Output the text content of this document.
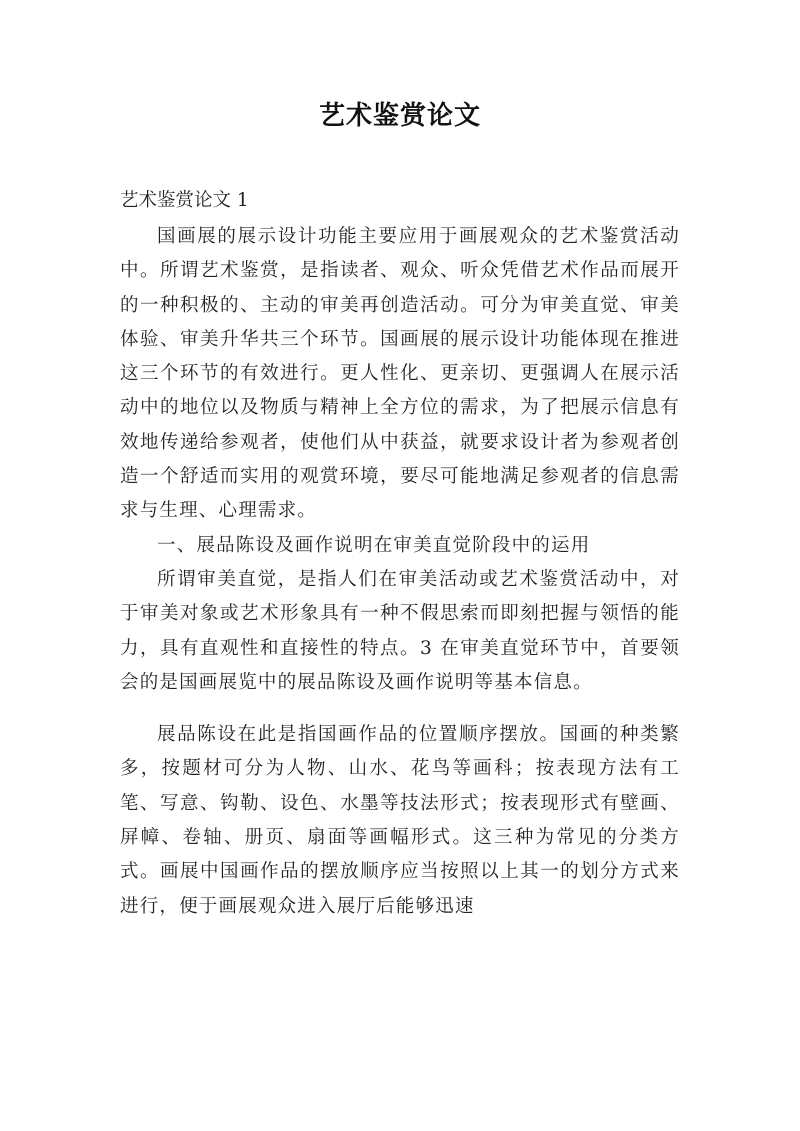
艺术鉴赏论文
艺术鉴赏论文 1

国画展的展示设计功能主要应用于画展观众的艺术鉴赏活动中。所谓艺术鉴赏，是指读者、观众、听众凭借艺术作品而展开的一种积极的、主动的审美再创造活动。可分为审美直觉、审美体验、审美升华共三个环节。国画展的展示设计功能体现在推进这三个环节的有效进行。更人性化、更亲切、更强调人在展示活动中的地位以及物质与精神上全方位的需求，为了把展示信息有效地传递给参观者，使他们从中获益，就要求设计者为参观者创造一个舒适而实用的观赏环境，要尽可能地满足参观者的信息需求与生理、心理需求。

一、展品陈设及画作说明在审美直觉阶段中的运用

所谓审美直觉，是指人们在审美活动或艺术鉴赏活动中，对于审美对象或艺术形象具有一种不假思索而即刻把握与领悟的能力，具有直观性和直接性的特点。3 在审美直觉环节中，首要领会的是国画展览中的展品陈设及画作说明等基本信息。

展品陈设在此是指国画作品的位置顺序摆放。国画的种类繁多，按题材可分为人物、山水、花鸟等画科；按表现方法有工笔、写意、钩勒、设色、水墨等技法形式；按表现形式有壁画、屏幛、卷轴、册页、扇面等画幅形式。这三种为常见的分类方式。画展中国画作品的摆放顺序应当按照以上其一的划分方式来进行，便于画展观众进入展厅后能够迅速
